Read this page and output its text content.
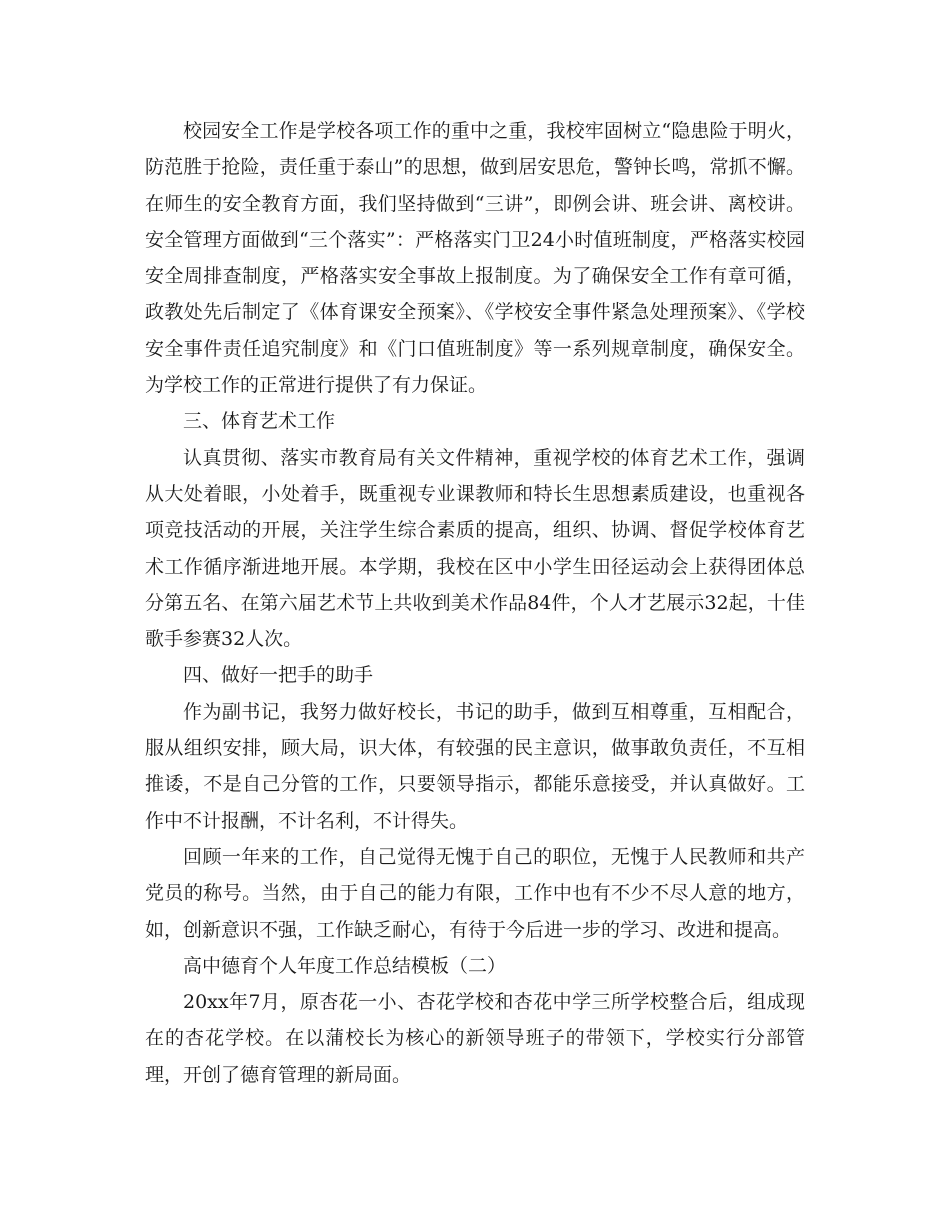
校园安全工作是学校各项工作的重中之重，我校牢固树立“隐患险于明火，防范胜于抢险，责任重于泰山”的思想，做到居安思危，警钟长鸣，常抓不懈。在师生的安全教育方面，我们坚持做到“三讲”，即例会讲、班会讲、离校讲。安全管理方面做到“三个落实”：严格落实门卫24小时值班制度，严格落实校园安全周排查制度，严格落实安全事故上报制度。为了确保安全工作有章可循，政教处先后制定了《体育课安全预案》、《学校安全事件紧急处理预案》、《学校安全事件责任追究制度》和《门口值班制度》等一系列规章制度，确保安全。为学校工作的正常进行提供了有力保证。

三、体育艺术工作

认真贯彻、落实市教育局有关文件精神，重视学校的体育艺术工作，强调从大处着眼，小处着手，既重视专业课教师和特长生思想素质建设，也重视各项竞技活动的开展，关注学生综合素质的提高，组织、协调、督促学校体育艺术工作循序渐进地开展。本学期，我校在区中小学生田径运动会上获得团体总分第五名、在第六届艺术节上共收到美术作品84件，个人才艺展示32起，十佳歌手参赛32人次。

四、做好一把手的助手

作为副书记，我努力做好校长，书记的助手，做到互相尊重，互相配合，服从组织安排，顾大局，识大体，有较强的民主意识，做事敢负责任，不互相推诿，不是自己分管的工作，只要领导指示，都能乐意接受，并认真做好。工作中不计报酬，不计名利，不计得失。

回顾一年来的工作，自己觉得无愧于自己的职位，无愧于人民教师和共产党员的称号。当然，由于自己的能力有限，工作中也有不少不尽人意的地方，如，创新意识不强，工作缺乏耐心，有待于今后进一步的学习、改进和提高。

高中德育个人年度工作总结模板（二）

20xx年7月，原杏花一小、杏花学校和杏花中学三所学校整合后，组成现在的杏花学校。在以蒲校长为核心的新领导班子的带领下，学校实行分部管理，开创了德育管理的新局面。
